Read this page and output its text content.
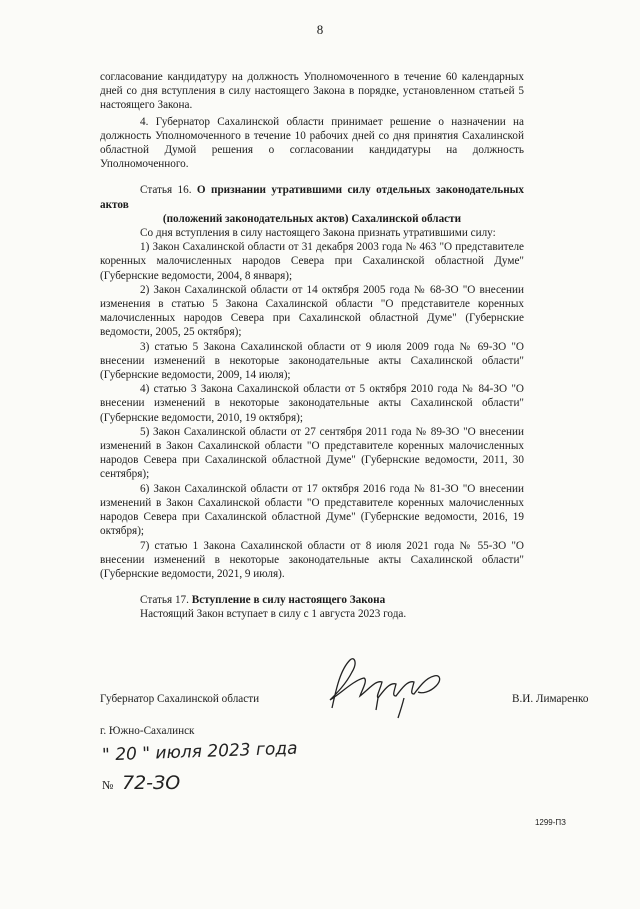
8

согласование кандидатуру на должность Уполномоченного в течение 60 календарных дней со дня вступления в силу настоящего Закона в порядке, установленном статьей 5 настоящего Закона.

4. Губернатор Сахалинской области принимает решение о назначении на должность Уполномоченного в течение 10 рабочих дней со дня принятия Сахалинской областной Думой решения о согласовании кандидатуры на должность Уполномоченного.

Статья 16. О признании утратившими силу отдельных законодательных актов

(положений законодательных актов) Сахалинской области

Со дня вступления в силу настоящего Закона признать утратившими силу:

1) Закон Сахалинской области от 31 декабря 2003 года № 463 "О представителе коренных малочисленных народов Севера при Сахалинской областной Думе" (Губернские ведомости, 2004, 8 января);

2) Закон Сахалинской области от 14 октября 2005 года № 68-ЗО "О внесении изменения в статью 5 Закона Сахалинской области "О представителе коренных малочисленных народов Севера при Сахалинской областной Думе" (Губернские ведомости, 2005, 25 октября);

3) статью 5 Закона Сахалинской области от 9 июля 2009 года № 69-ЗО "О внесении изменений в некоторые законодательные акты Сахалинской области" (Губернские ведомости, 2009, 14 июля);

4) статью 3 Закона Сахалинской области от 5 октября 2010 года № 84-ЗО "О внесении изменений в некоторые законодательные акты Сахалинской области" (Губернские ведомости, 2010, 19 октября);

5) Закон Сахалинской области от 27 сентября 2011 года № 89-ЗО "О внесении изменений в Закон Сахалинской области "О представителе коренных малочисленных народов Севера при Сахалинской областной Думе" (Губернские ведомости, 2011, 30 сентября);

6) Закон Сахалинской области от 17 октября 2016 года № 81-ЗО "О внесении изменений в Закон Сахалинской области "О представителе коренных малочисленных народов Севера при Сахалинской областной Думе" (Губернские ведомости, 2016, 19 октября);

7) статью 1 Закона Сахалинской области от 8 июля 2021 года № 55-ЗО "О внесении изменений в некоторые законодательные акты Сахалинской области" (Губернские ведомости, 2021, 9 июля).

Статья 17. Вступление в силу настоящего Закона

Настоящий Закон вступает в силу с 1 августа 2023 года.

Губернатор Сахалинской области	В.И. Лимаренко
г. Южно-Сахалинск
" 20 " июля 2023 года
№ 72-ЗО
1299-ПЗ
